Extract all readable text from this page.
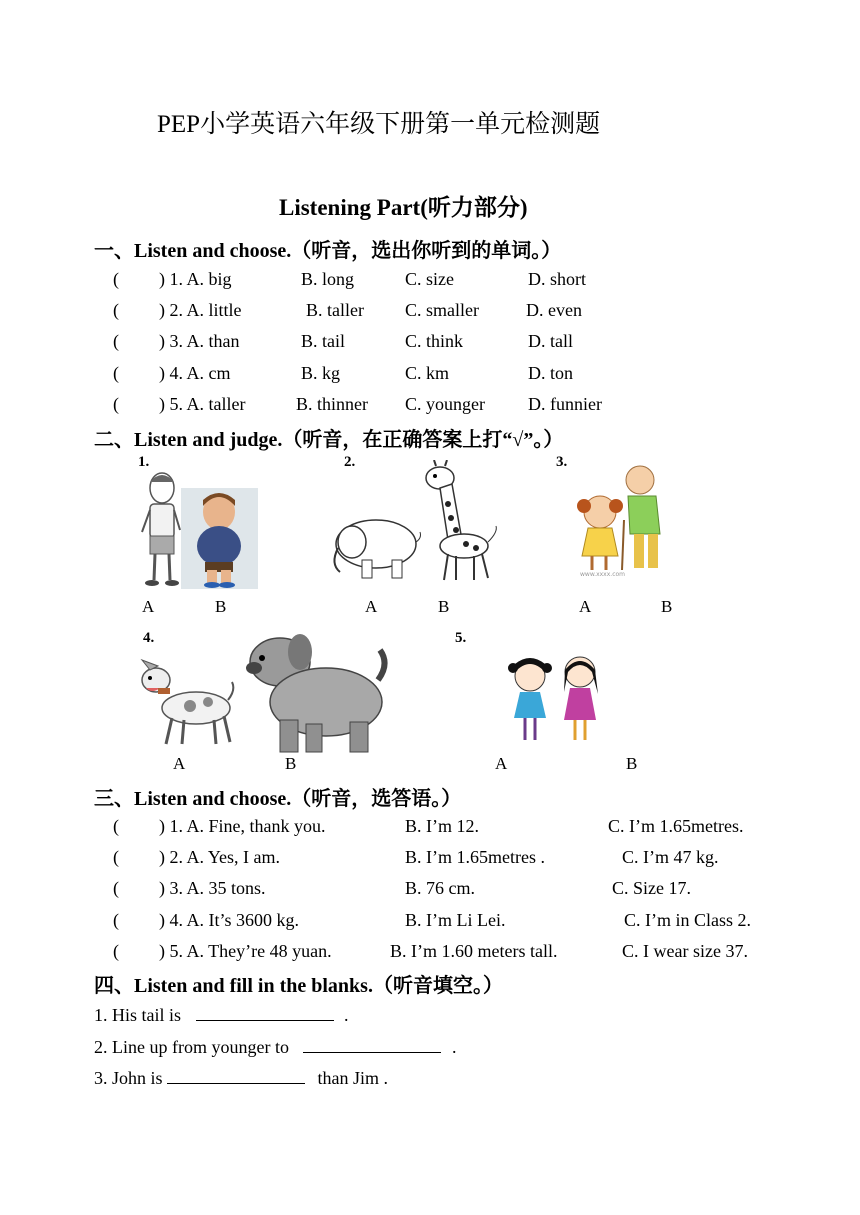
PEP小学英语六年级下册第一单元检测题
Listening Part(听力部分)
一、Listen and choose.（听音，选出你听到的单词。）
( ) 1. A. big	B. long	C. size	D. short
( ) 2. A. little	B. taller C. smaller	D. even
( ) 3. A. than	B. tail	C. think	D. tall
( ) 4. A. cm	B. kg	C. km	D. ton
( ) 5. A. taller	B. thinner C. younger D. funnier
二、Listen and judge.（听音，在正确答案上打“√”。）
1.	2.	3.
4.	5.
A	B	A	B
www.xxxx.com
A	B
A	B	A	B
三、Listen and choose.（听音，选答语。）
( ) 1. A. Fine, thank you.	B. I’m 12.	C. I’m 1.65metres.
( ) 2. A. Yes, I am.	B. I’m 1.65metres .	C. I’m 47 kg.
( ) 3. A. 35 tons.	B. 76 cm.	C. Size 17.
( ) 4. A. It’s 3600 kg.	B. I’m Li Lei.	C. I’m in Class 2.
( ) 5. A. They’re 48 yuan.	B. I’m 1.60 meters tall.	C. I wear size 37.
四、Listen and fill in the blanks.（听音填空。）
1. His tail is	.
2. Line up from younger to	.
3. John is	than Jim .
